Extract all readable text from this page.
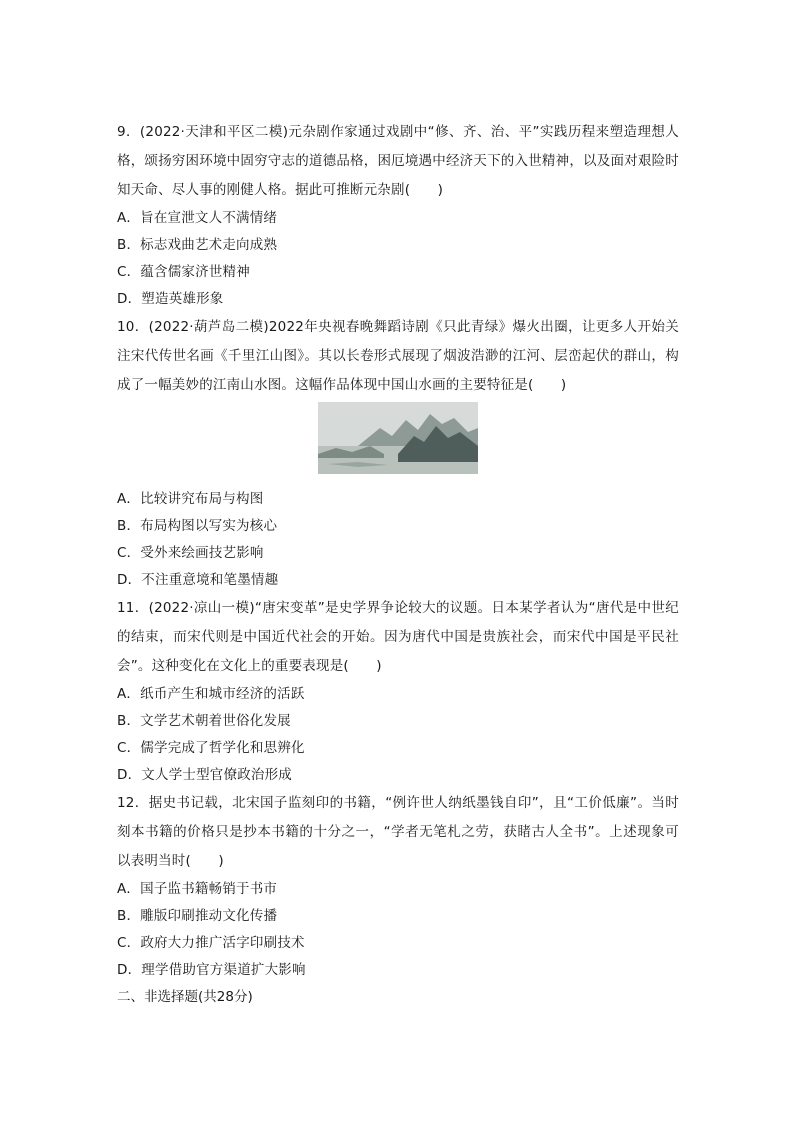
9．(2022·天津和平区二模)元杂剧作家通过戏剧中“修、齐、治、平”实践历程来塑造理想人格，颂扬穷困环境中固穷守志的道德品格，困厄境遇中经济天下的入世精神，以及面对艰险时知天命、尽人事的刚健人格。据此可推断元杂剧(　　)

A．旨在宣泄文人不满情绪

B．标志戏曲艺术走向成熟

C．蕴含儒家济世精神

D．塑造英雄形象

10．(2022·葫芦岛二模)2022年央视春晚舞蹈诗剧《只此青绿》爆火出圈，让更多人开始关注宋代传世名画《千里江山图》。其以长卷形式展现了烟波浩渺的江河、层峦起伏的群山，构成了一幅美妙的江南山水图。这幅作品体现中国山水画的主要特征是(　　)

A．比较讲究布局与构图

B．布局构图以写实为核心

C．受外来绘画技艺影响

D．不注重意境和笔墨情趣

11．(2022·凉山一模)“唐宋变革”是史学界争论较大的议题。日本某学者认为“唐代是中世纪的结束，而宋代则是中国近代社会的开始。因为唐代中国是贵族社会，而宋代中国是平民社会”。这种变化在文化上的重要表现是(　　)

A．纸币产生和城市经济的活跃

B．文学艺术朝着世俗化发展

C．儒学完成了哲学化和思辨化

D．文人学士型官僚政治形成

12．据史书记载，北宋国子监刻印的书籍，“例许世人纳纸墨钱自印”，且“工价低廉”。当时刻本书籍的价格只是抄本书籍的十分之一，“学者无笔札之劳，获睹古人全书”。上述现象可以表明当时(　　)

A．国子监书籍畅销于书市

B．雕版印刷推动文化传播

C．政府大力推广活字印刷技术

D．理学借助官方渠道扩大影响

二、非选择题(共28分)
